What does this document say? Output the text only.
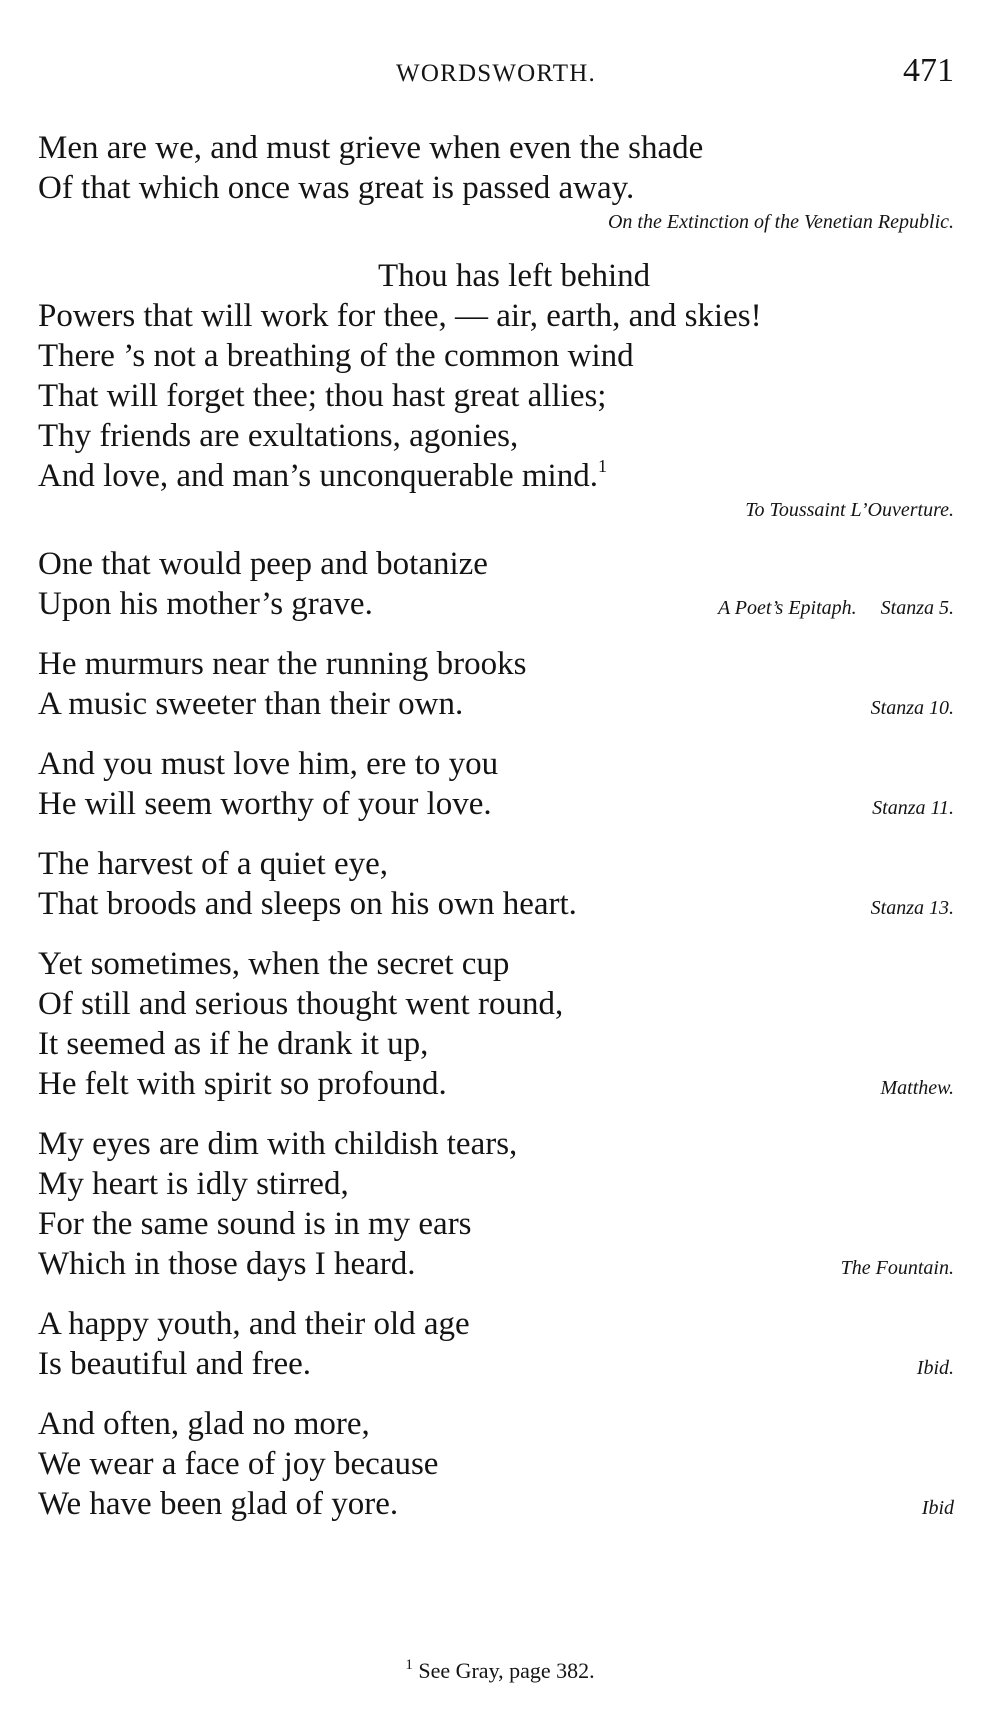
WORDSWORTH.	471
Men are we, and must grieve when even the shade
Of that which once was great is passed away.
On the Extinction of the Venetian Republic.
Thou has left behind
Powers that will work for thee, — air, earth, and skies!
There ’s not a breathing of the common wind
That will forget thee; thou hast great allies;
Thy friends are exultations, agonies,
And love, and man’s unconquerable mind.$^1$
To Toussaint L’Ouverture.
One that would peep and botanize
Upon his mother’s grave.	A Poet’s Epitaph. Stanza 5.
He murmurs near the running brooks
A music sweeter than their own.	Stanza 10.
And you must love him, ere to you
He will seem worthy of your love.	Stanza 11.
The harvest of a quiet eye,
That broods and sleeps on his own heart.	Stanza 13.
Yet sometimes, when the secret cup
Of still and serious thought went round,
It seemed as if he drank it up,
He felt with spirit so profound.	Matthew.
My eyes are dim with childish tears,
My heart is idly stirred,
For the same sound is in my ears
Which in those days I heard.	The Fountain.
A happy youth, and their old age
Is beautiful and free.	Ibid.
And often, glad no more,
We wear a face of joy because
We have been glad of yore.	Ibid
$^1$ See Gray, page 382.
